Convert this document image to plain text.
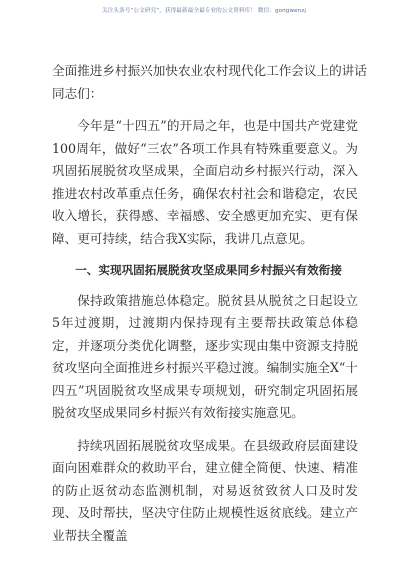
关注头条号“公文研究”，获得最新最全最专业的公文资料库！ 微信：gongwenzj

全面推进乡村振兴加快农业农村现代化工作会议上的讲话

同志们：

今年是“十四五”的开局之年，也是中国共产党建党100周年，做好“三农”各项工作具有特殊重要意义。为巩固拓展脱贫攻坚成果，全面启动乡村振兴行动，深入推进农村改革重点任务，确保农村社会和谐稳定，农民收入增长，获得感、幸福感、安全感更加充实、更有保障、更可持续，结合我X实际，我讲几点意见。

一、实现巩固拓展脱贫攻坚成果同乡村振兴有效衔接

保持政策措施总体稳定。脱贫县从脱贫之日起设立5年过渡期，过渡期内保持现有主要帮扶政策总体稳定，并逐项分类优化调整，逐步实现由集中资源支持脱贫攻坚向全面推进乡村振兴平稳过渡。编制实施全X“十四五”巩固脱贫攻坚成果专项规划，研究制定巩固拓展脱贫攻坚成果同乡村振兴有效衔接实施意见。

持续巩固拓展脱贫攻坚成果。在县级政府层面建设面向困难群众的救助平台，建立健全简便、快速、精准的防止返贫动态监测机制，对易返贫致贫人口及时发现、及时帮扶，坚决守住防止规模性返贫底线。建立产业帮扶全覆盖
